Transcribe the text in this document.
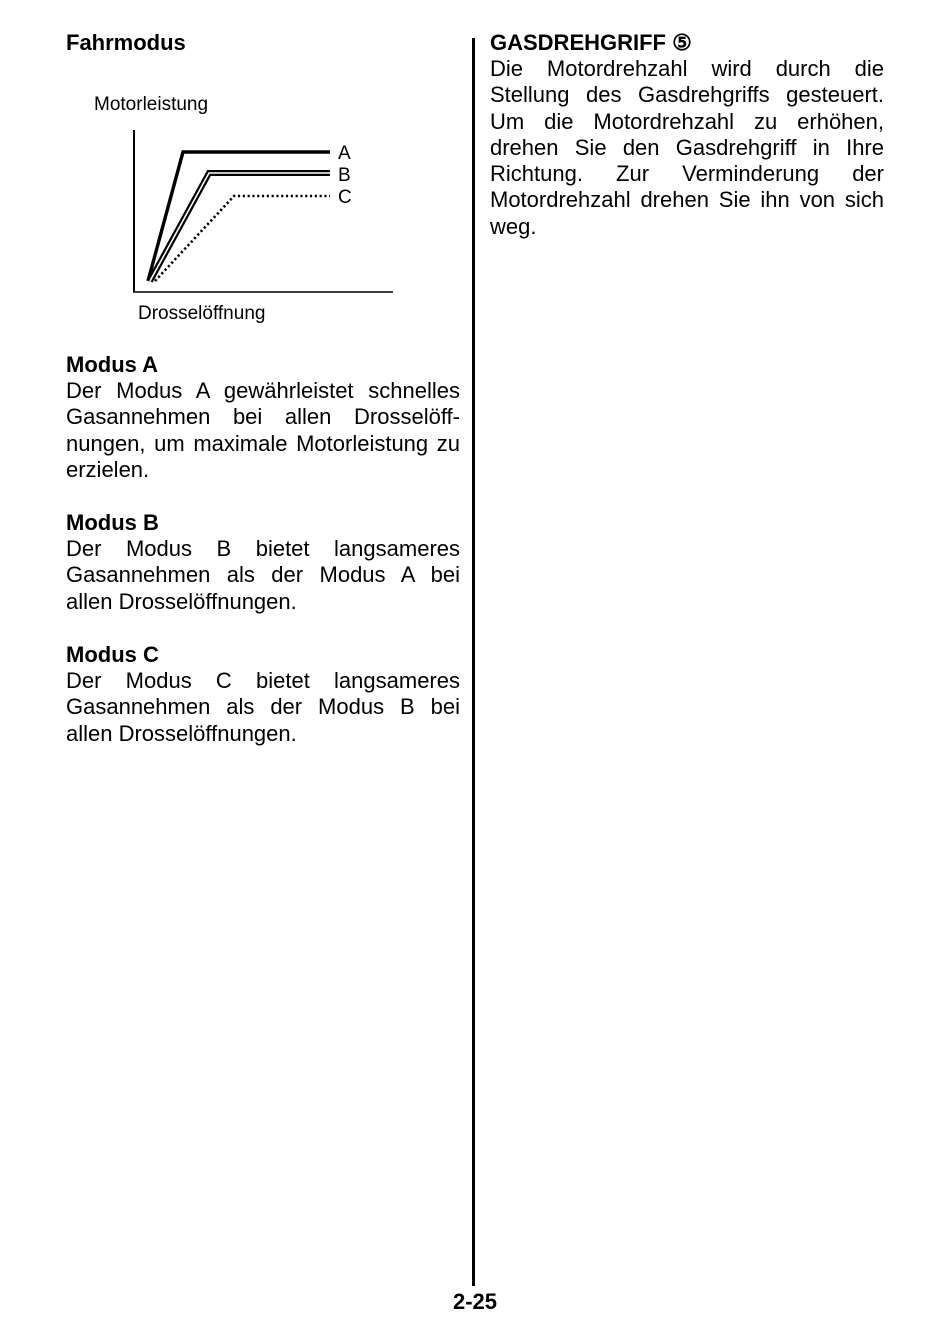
Fahrmodus
Motorleistung
A
B
C
Drosselöffnung
Modus A

Der Modus A gewährleistet schnelles Gasannehmen bei allen Drosselöffnungen, um maximale Motorleistung zu erzielen.

Modus B

Der Modus B bietet langsameres Gasannehmen als der Modus A bei allen Drosselöffnungen.

Modus C

Der Modus C bietet langsameres Gasannehmen als der Modus B bei allen Drosselöffnungen.

GASDREHGRIFF ⑤

Die Motordrehzahl wird durch die Stellung des Gasdrehgriffs gesteuert. Um die Motordrehzahl zu erhöhen, drehen Sie den Gasdrehgriff in Ihre Richtung. Zur Verminderung der Motordrehzahl drehen Sie ihn von sich weg.

2-25
